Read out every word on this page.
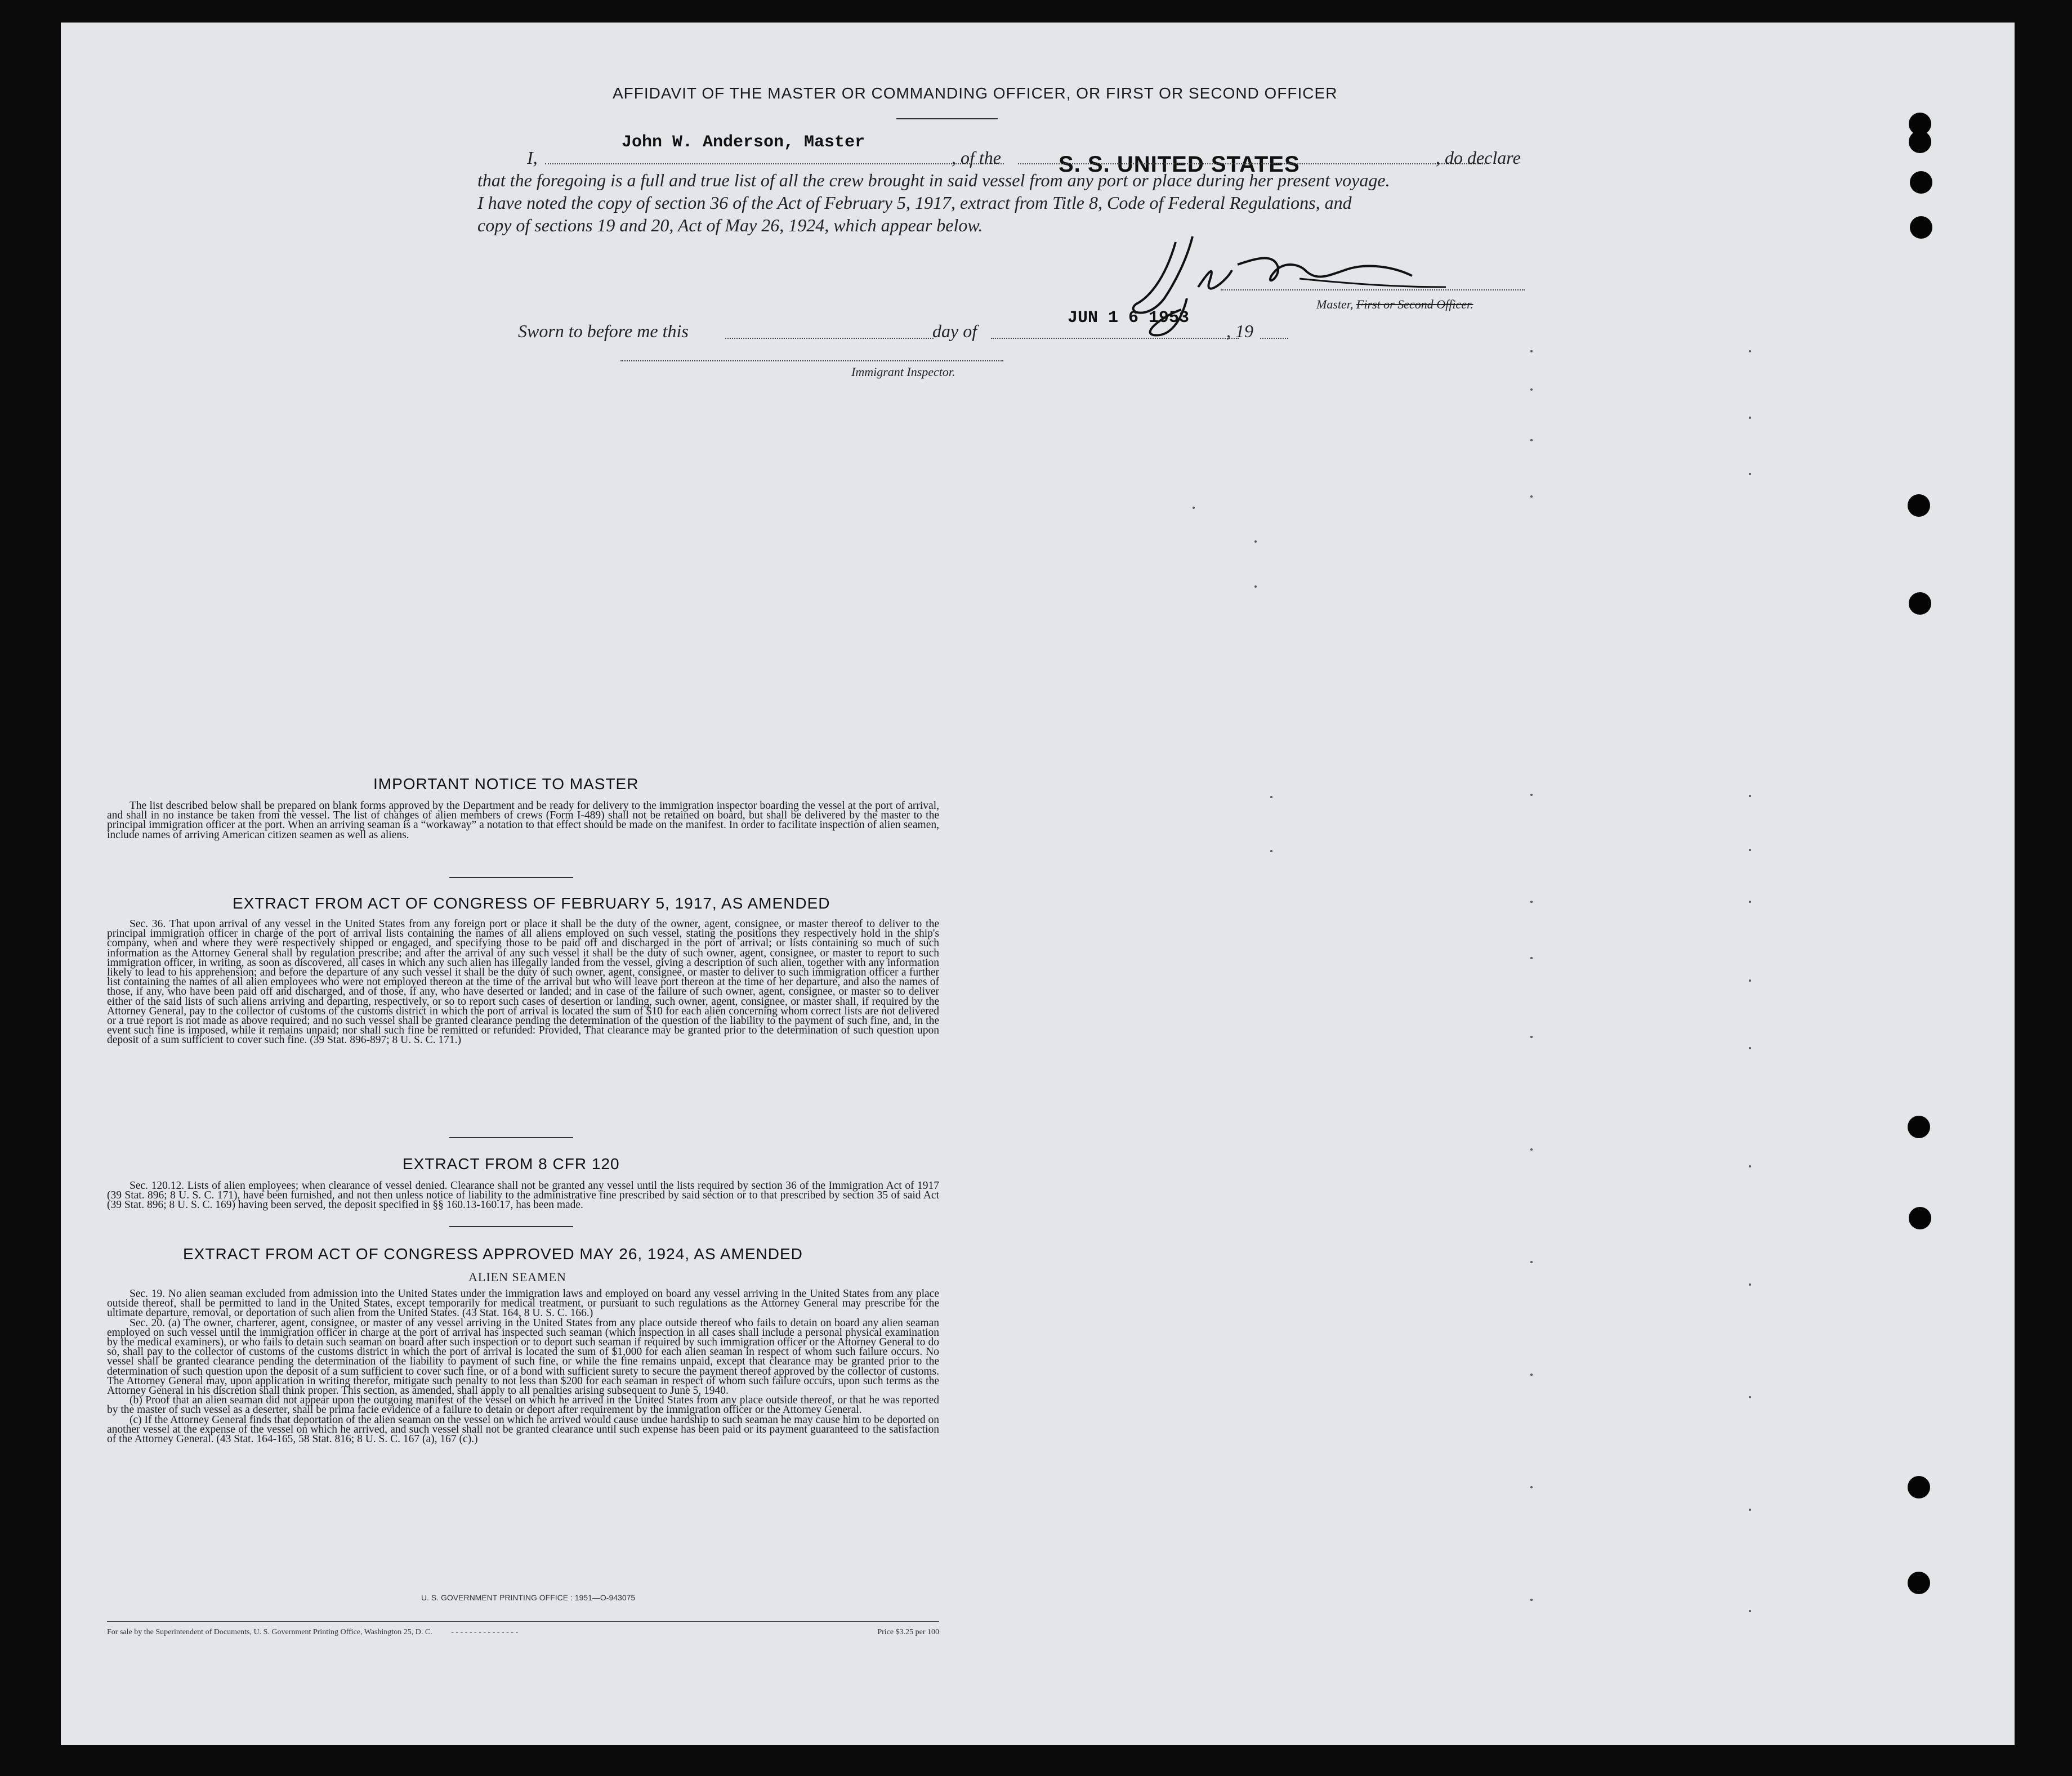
AFFIDAVIT OF THE MASTER OR COMMANDING OFFICER, OR FIRST OR SECOND OFFICER
I,
John W. Anderson, Master
, of the	S. S. UNITED STATES	, do declare
that the foregoing is a full and true list of all the crew brought in said vessel from any port or place during her present voyage.
I have noted the copy of section 36 of the Act of February 5, 1917, extract from Title 8, Code of Federal Regulations, and
copy of sections 19 and 20, Act of May 26, 1924, which appear below.
Master, First or Second Officer.
Sworn to before me this	day of
JUN 1 6 1953
, 19
Immigrant Inspector.
IMPORTANT NOTICE TO MASTER
The list described below shall be prepared on blank forms approved by the Department and be ready for delivery to the immigration inspector boarding the vessel at the port of arrival, and shall in no instance be taken from the vessel. The list of changes of alien members of crews (Form I-489) shall not be retained on board, but shall be delivered by the master to the principal immigration officer at the port. When an arriving seaman is a “workaway” a notation to that effect should be made on the manifest. In order to facilitate inspection of alien seamen, include names of arriving American citizen seamen as well as aliens.
EXTRACT FROM ACT OF CONGRESS OF FEBRUARY 5, 1917, AS AMENDED
Sec. 36. That upon arrival of any vessel in the United States from any foreign port or place it shall be the duty of the owner, agent, consignee, or master thereof to deliver to the principal immigration officer in charge of the port of arrival lists containing the names of all aliens employed on such vessel, stating the positions they respectively hold in the ship's company, when and where they were respectively shipped or engaged, and specifying those to be paid off and discharged in the port of arrival; or lists containing so much of such information as the Attorney General shall by regulation prescribe; and after the arrival of any such vessel it shall be the duty of such owner, agent, consignee, or master to report to such immigration officer, in writing, as soon as discovered, all cases in which any such alien has illegally landed from the vessel, giving a description of such alien, together with any information likely to lead to his apprehension; and before the departure of any such vessel it shall be the duty of such owner, agent, consignee, or master to deliver to such immigration officer a further list containing the names of all alien employees who were not employed thereon at the time of the arrival but who will leave port thereon at the time of her departure, and also the names of those, if any, who have been paid off and discharged, and of those, if any, who have deserted or landed; and in case of the failure of such owner, agent, consignee, or master so to deliver either of the said lists of such aliens arriving and departing, respectively, or so to report such cases of desertion or landing, such owner, agent, consignee, or master shall, if required by the Attorney General, pay to the collector of customs of the customs district in which the port of arrival is located the sum of $10 for each alien concerning whom correct lists are not delivered or a true report is not made as above required; and no such vessel shall be granted clearance pending the determination of the question of the liability to the payment of such fine, and, in the event such fine is imposed, while it remains unpaid; nor shall such fine be remitted or refunded: Provided, That clearance may be granted prior to the determination of such question upon deposit of a sum sufficient to cover such fine. (39 Stat. 896-897; 8 U. S. C. 171.)
EXTRACT FROM 8 CFR 120
Sec. 120.12. Lists of alien employees; when clearance of vessel denied. Clearance shall not be granted any vessel until the lists required by section 36 of the Immigration Act of 1917 (39 Stat. 896; 8 U. S. C. 171), have been furnished, and not then unless notice of liability to the administrative fine prescribed by said section or to that prescribed by section 35 of said Act (39 Stat. 896; 8 U. S. C. 169) having been served, the deposit specified in §§ 160.13-160.17, has been made.
EXTRACT FROM ACT OF CONGRESS APPROVED MAY 26, 1924, AS AMENDED
ALIEN SEAMEN
Sec. 19. No alien seaman excluded from admission into the United States under the immigration laws and employed on board any vessel arriving in the United States from any place outside thereof, shall be permitted to land in the United States, except temporarily for medical treatment, or pursuant to such regulations as the Attorney General may prescribe for the ultimate departure, removal, or deportation of such alien from the United States. (43 Stat. 164, 8 U. S. C. 166.)
Sec. 20. (a) The owner, charterer, agent, consignee, or master of any vessel arriving in the United States from any place outside thereof who fails to detain on board any alien seaman employed on such vessel until the immigration officer in charge at the port of arrival has inspected such seaman (which inspection in all cases shall include a personal physical examination by the medical examiners), or who fails to detain such seaman on board after such inspection or to deport such seaman if required by such immigration officer or the Attorney General to do so, shall pay to the collector of customs of the customs district in which the port of arrival is located the sum of $1,000 for each alien seaman in respect of whom such failure occurs. No vessel shall be granted clearance pending the determination of the liability to payment of such fine, or while the fine remains unpaid, except that clearance may be granted prior to the determination of such question upon the deposit of a sum sufficient to cover such fine, or of a bond with sufficient surety to secure the payment thereof approved by the collector of customs. The Attorney General may, upon application in writing therefor, mitigate such penalty to not less than $200 for each seaman in respect of whom such failure occurs, upon such terms as the Attorney General in his discretion shall think proper. This section, as amended, shall apply to all penalties arising subsequent to June 5, 1940.
(b) Proof that an alien seaman did not appear upon the outgoing manifest of the vessel on which he arrived in the United States from any place outside thereof, or that he was reported by the master of such vessel as a deserter, shall be prima facie evidence of a failure to detain or deport after requirement by the immigration officer or the Attorney General.
(c) If the Attorney General finds that deportation of the alien seaman on the vessel on which he arrived would cause undue hardship to such seaman he may cause him to be deported on another vessel at the expense of the vessel on which he arrived, and such vessel shall not be granted clearance until such expense has been paid or its payment guaranteed to the satisfaction of the Attorney General. (43 Stat. 164-165, 58 Stat. 816; 8 U. S. C. 167 (a), 167 (c).)
U. S. GOVERNMENT PRINTING OFFICE : 1951—O-943075
For sale by the Superintendent of Documents, U. S. Government Printing Office, Washington 25, D. C. - - - - - - - - - - - - - - -	Price $3.25 per 100
